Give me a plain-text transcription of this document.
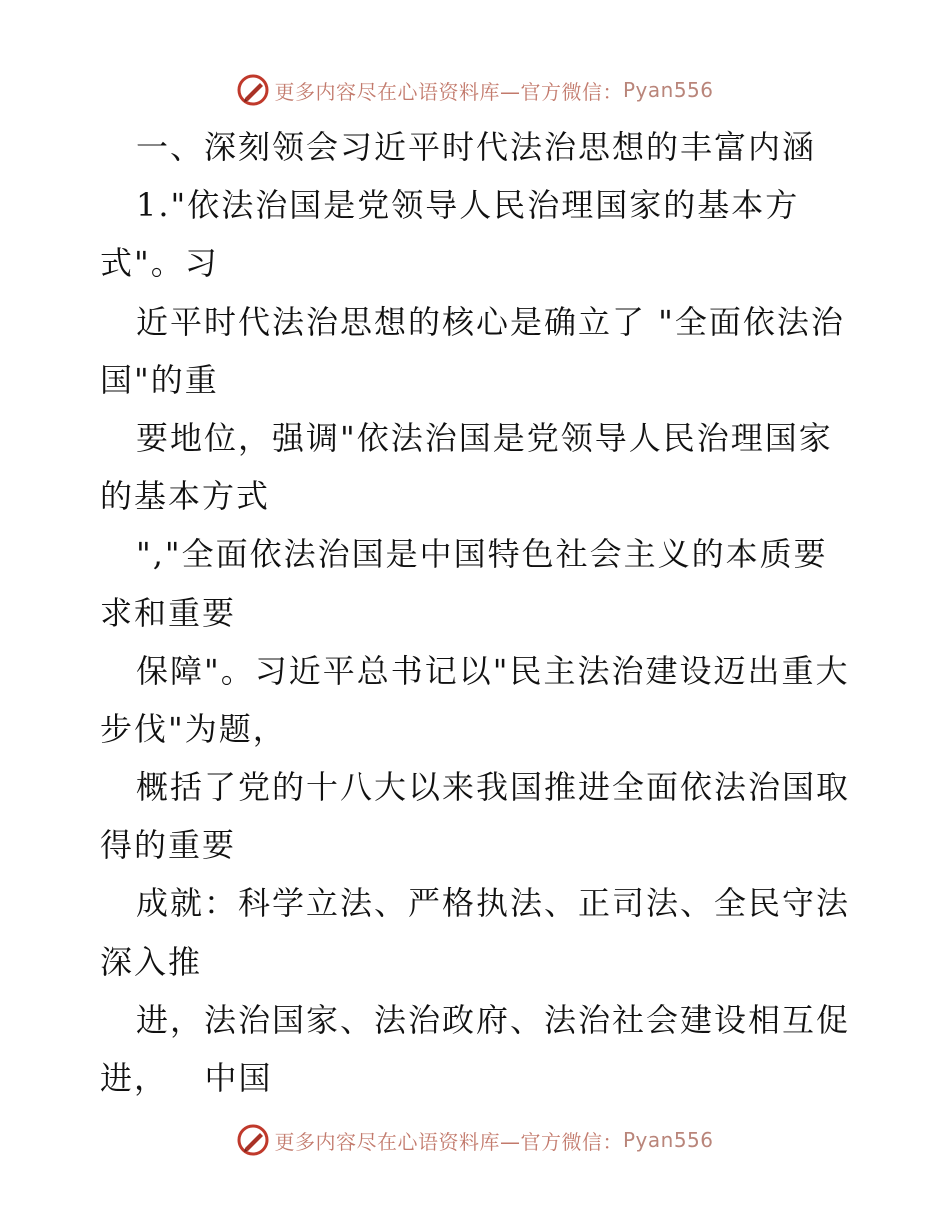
更多内容尽在心语资料库—官方微信： Pyan556
一、深刻领会习近平时代法治思想的丰富内涵
1."依法治国是党领导人民治理国家的基本方
式"。习
近平时代法治思想的核心是确立了 "全面依法治
国"的重
要地位，强调"依法治国是党领导人民治理国家
的基本方式
","全面依法治国是中国特色社会主义的本质要
求和重要
保障"。习近平总书记以"民主法治建设迈出重大
步伐"为题，
概括了党的十八大以来我国推进全面依法治国取
得的重要
成就：科学立法、严格执法、正司法、全民守法
深入推
进，法治国家、法治政府、法治社会建设相互促
进，   中国
更多内容尽在心语资料库—官方微信： Pyan556
